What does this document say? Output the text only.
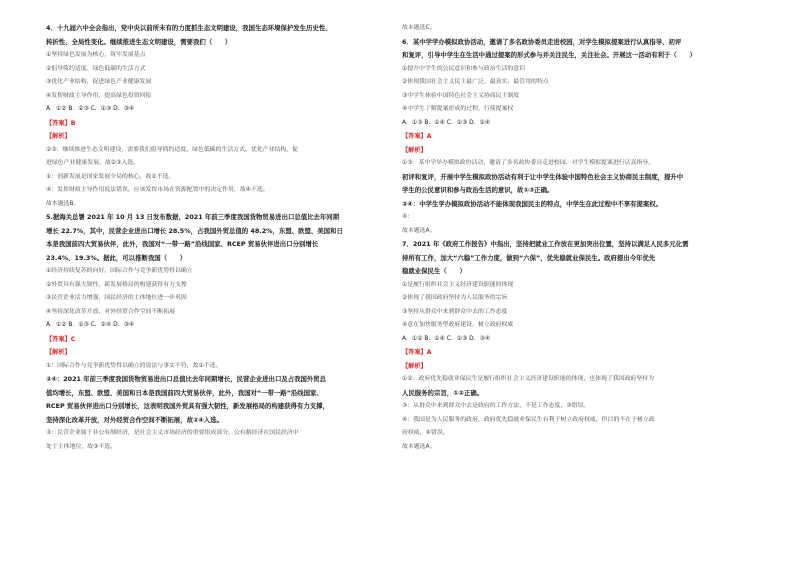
4．十九届六中全会指出，党中央以前所未有的力度抓生态文明建设，我国生态环境保护发生历史性、
转折性、全局性变化。继续推进生态文明建设，需要我们（　　）
①坚持绿色发展为核心，筑牢发展基点
②倡导简约适度、绿色低碳的生活方式
③优化产业结构，促进绿色产业健康发展
④发挥财政主导作用，提高绿色投资回报
A．①② B．②③ C．①③ D．③④
【答案】B
【解析】
②③：继续推进生态文明建设，需要我们倡导简约适度、绿色低碳的生活方式，优化产业结构，促
进绿色产业健康发展，故②③入选。
①：创新发展是国家发展全局的核心，故①不选。
④：发挥财政主导作用说法错误，应该发挥市场在资源配置中的决定作用，故④不选。
故本题选B。
5.据海关总署 2021 年 10 月 13 日发布数据，2021 年前三季度我国货物贸易进出口总值比去年同期
增长 22.7%，其中，民营企业进出口增长 28.5%，占我国外贸总值的 48.2%，东盟、欧盟、美国和日
本是我国前四大贸易伙伴，此外，我国对“一带一路”沿线国家、RCEP 贸易伙伴进出口分别增长
23.4%、19.3%。据此，可以推断我国（　　）
①经济持续复苏的向好，国际合作与竞争新优势得以确立
②外贸具有强大韧性，新发展格局的构建获得有力支撑
③民营企业活力增强，国民经济的主体地位进一步巩固
④坚持深化改革开放，对外经贸合作空间不断拓展
A．①② B．①③ C．②④ D．③④
【答案】C
【解析】
①：国际合作与竞争新优势得以确立的说法与事实不符，故①不选。
②④：2021 年前三季度我国货物贸易进出口总值比去年同期增长，民营企业进出口及占我国外贸总
值均增长，东盟、欧盟、美国和日本是我国前四大贸易伙伴，此外，我国对“一带一路”沿线国家、
RCEP 贸易伙伴进出口分别增长，这表明我国外贸具有强大韧性，新发展格局的构建获得有力支撑，
坚持深化改革开放，对外经贸合作空间不断拓展，故②④入选。
③：民营企业属于非公有制经济，是社会主义市场经济的重要组成部分，公有制经济在国民经济中
处于主体地位，故③不选。
故本题选C。
6．某中学学办模拟政协活动，邀请了多名政协委员走进校园，对学生模拟提案进行认真指导、初评
和复评，引导中学生在生活中通过提案的形式参与并关注民生，关注社会。开展这一活动有利于（　　）
①提升中学生的公民意识和参与政治生活的意识
②体现我国社会主义民主最广泛、最真实、最管用的特点
③中学生体验中国特色社会主义协商民主制度
④中学生了解提案形成的过程，行使提案权
A．①③ B．①④ C．②③ D．②④
【答案】A
【解析】
①③：某中学举办模拟政协活动，邀请了多名政协委员走进校园，对学生模拟提案进行认真指导、
初评和复评，开展中学生模拟政协活动有利于让中学生体验中国特色社会主义协商民主制度，提升中
学生的公民意识和参与政治生活的意识，故①③正确。
②④：中学生学办模拟政协活动不能体现我国民主的特点，中学生在此过程中不享有提案权。
④：
故本题选A。
7．2021 年《政府工作报告》中指出，坚持把就业工作放在更加突出位置，坚持以满足人民多元化需
持所有工作，加大“六稳”工作力度，做到“六保”，优先稳就业保民生。政府提出今年优先
稳就业保民生（　　）
①是履行组织社会主义经济建设职能的体现
②体现了我国政府坚持为人民服务的宗旨
③坚持从群众中来到群众中去的工作态度
④意在加快服务型政府建设，树立政府权威
A．①② B．①④ C．②③ D．③④
【答案】A
【解析】
①②：政府优先稳就业保民生是履行组织社会主义经济建设职能的体现，也体现了我国政府坚持为
人民服务的宗旨，①②正确。
③：从群众中来到群众中去是政府的工作方法，不是工作态度，③错误。
④：我国是为人民服务的政府，政府优先稳就业保民生有利于树立政府权威，但目的不在于树立政
府权威，④错误。
故本题选A。
